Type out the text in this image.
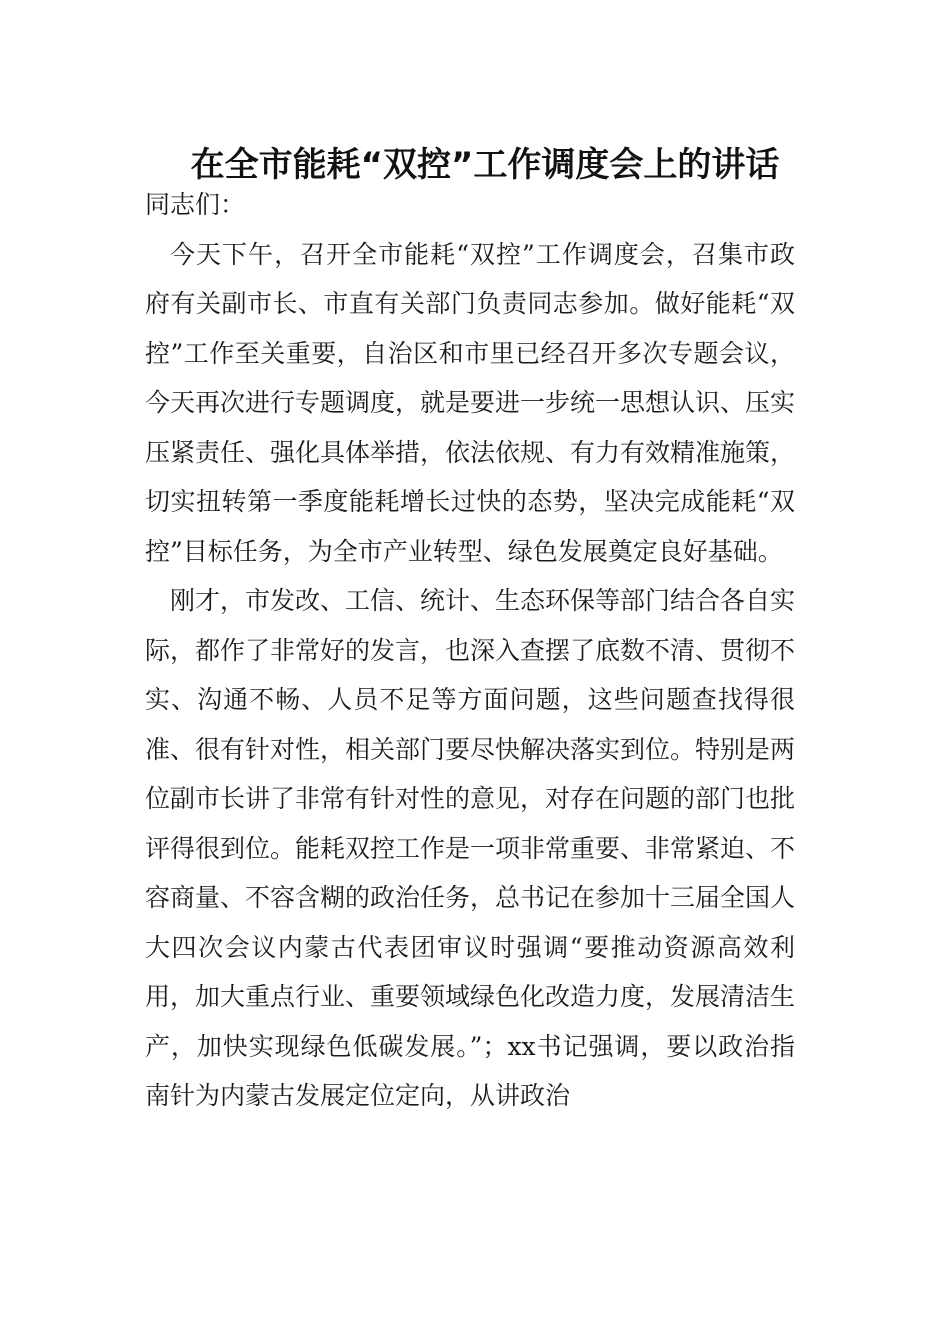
在全市能耗“双控”工作调度会上的讲话

同志们：

今天下午，召开全市能耗“双控”工作调度会，召集市政府有关副市长、市直有关部门负责同志参加。做好能耗“双控”工作至关重要，自治区和市里已经召开多次专题会议，今天再次进行专题调度，就是要进一步统一思想认识、压实压紧责任、强化具体举措，依法依规、有力有效精准施策，切实扭转第一季度能耗增长过快的态势，坚决完成能耗“双控”目标任务，为全市产业转型、绿色发展奠定良好基础。

刚才，市发改、工信、统计、生态环保等部门结合各自实际，都作了非常好的发言，也深入查摆了底数不清、贯彻不实、沟通不畅、人员不足等方面问题，这些问题查找得很准、很有针对性，相关部门要尽快解决落实到位。特别是两位副市长讲了非常有针对性的意见，对存在问题的部门也批评得很到位。能耗双控工作是一项非常重要、非常紧迫、不容商量、不容含糊的政治任务，总书记在参加十三届全国人大四次会议内蒙古代表团审议时强调“要推动资源高效利用，加大重点行业、重要领域绿色化改造力度，发展清洁生产，加快实现绿色低碳发展。”；xx书记强调，要以政治指南针为内蒙古发展定位定向，从讲政治
